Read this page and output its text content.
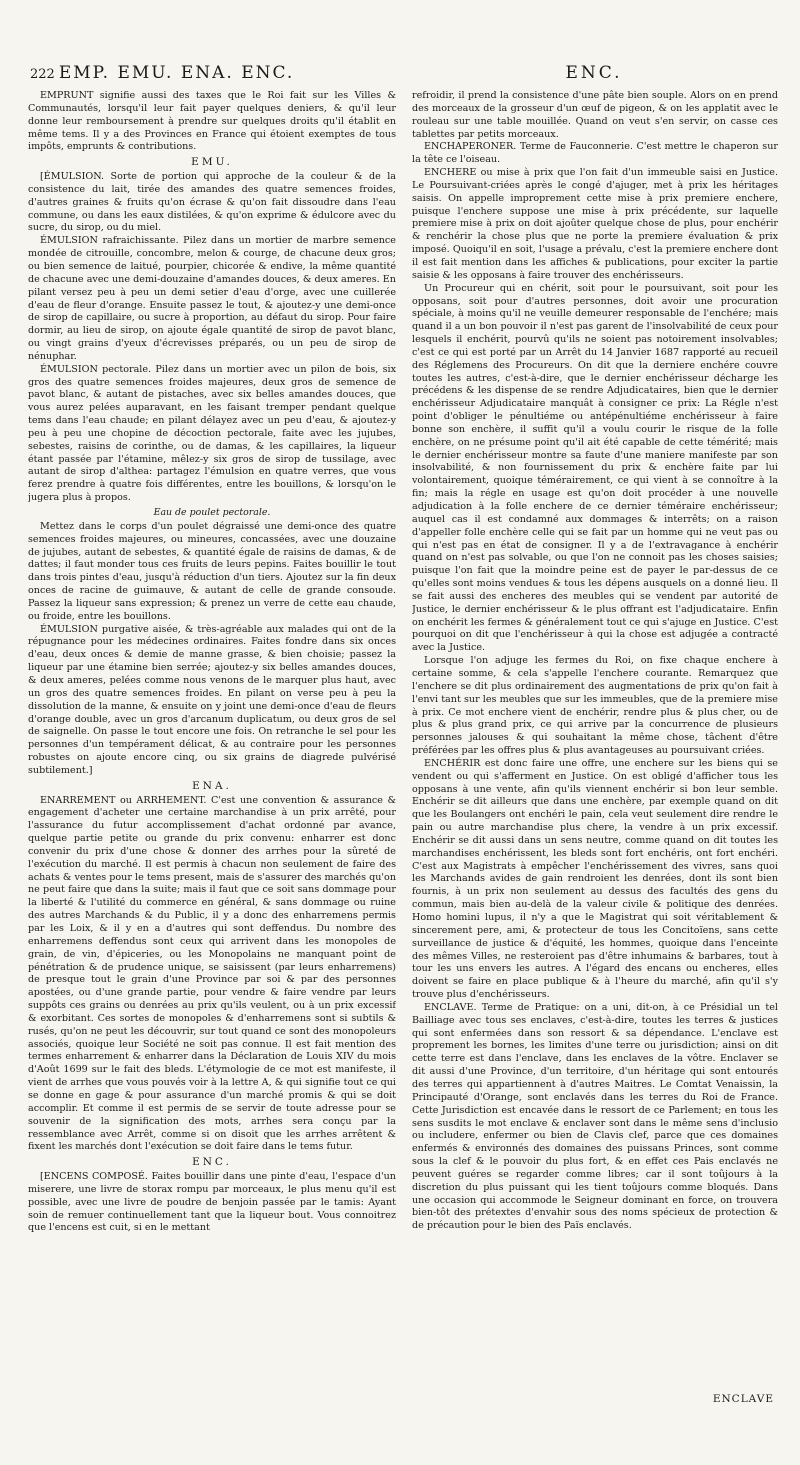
222 EMP. EMU. ENA. ENC.	ENC.

EMPRUNT signifie aussi des taxes que le Roi fait sur les Villes & Communautés, lorsqu'il leur fait payer quelques deniers, & qu'il leur donne leur remboursement à prendre sur quelques droits qu'il établit en même tems. Il y a des Provinces en France qui étoient exemptes de tous impôts, emprunts & contributions.

EMU.

[ÉMULSION. Sorte de portion qui approche de la couleur & de la consistence du lait, tirée des amandes des quatre semences froides, d'autres graines & fruits qu'on écrase & qu'on fait dissoudre dans l'eau commune, ou dans les eaux distilées, & qu'on exprime & édulcore avec du sucre, du sirop, ou du miel.

ÉMULSION rafraichissante. Pilez dans un mortier de marbre semence mondée de citrouille, concombre, melon & courge, de chacune deux gros; ou bien semence de laitué, pourpier, chicorée & endive, la même quantité de chacune avec une demi-douzaine d'amandes douces, & deux ameres. En pilant versez peu à peu un demi setier d'eau d'orge, avec une cuillerée d'eau de fleur d'orange. Ensuite passez le tout, & ajoutez-y une demi-once de sirop de capillaire, ou sucre à proportion, au défaut du sirop. Pour faire dormir, au lieu de sirop, on ajoute égale quantité de sirop de pavot blanc, ou vingt grains d'yeux d'écrevisses préparés, ou un peu de sirop de nénuphar.

ÉMULSION pectorale. Pilez dans un mortier avec un pilon de bois, six gros des quatre semences froides majeures, deux gros de semence de pavot blanc, & autant de pistaches, avec six belles amandes douces, que vous aurez pelées auparavant, en les faisant tremper pendant quelque tems dans l'eau chaude; en pilant délayez avec un peu d'eau, & ajoutez-y peu à peu une chopine de décoction pectorale, faite avec les jujubes, sebestes, raisins de corinthe, ou de damas, & les capillaires, la liqueur étant passée par l'étamine, mêlez-y six gros de sirop de tussilage, avec autant de sirop d'althea: partagez l'émulsion en quatre verres, que vous ferez prendre à quatre fois différentes, entre les bouillons, & lorsqu'on le jugera plus à propos.

Eau de poulet pectorale.

Mettez dans le corps d'un poulet dégraissé une demi-once des quatre semences froides majeures, ou mineures, concassées, avec une douzaine de jujubes, autant de sebestes, & quantité égale de raisins de damas, & de dattes; il faut monder tous ces fruits de leurs pepins. Faites bouillir le tout dans trois pintes d'eau, jusqu'à réduction d'un tiers. Ajoutez sur la fin deux onces de racine de guimauve, & autant de celle de grande consoude. Passez la liqueur sans expression; & prenez un verre de cette eau chaude, ou froide, entre les bouillons.

ÉMULSION purgative aisée, & très-agréable aux malades qui ont de la répugnance pour les médecines ordinaires. Faites fondre dans six onces d'eau, deux onces & demie de manne grasse, & bien choisie; passez la liqueur par une étamine bien serrée; ajoutez-y six belles amandes douces, & deux ameres, pelées comme nous venons de le marquer plus haut, avec un gros des quatre semences froides. En pilant on verse peu à peu la dissolution de la manne, & ensuite on y joint une demi-once d'eau de fleurs d'orange double, avec un gros d'arcanum duplicatum, ou deux gros de sel de saignelle. On passe le tout encore une fois. On retranche le sel pour les personnes d'un tempérament délicat, & au contraire pour les personnes robustes on ajoute encore cinq, ou six grains de diagrede pulvérisé subtilement.]

ENA.

ENARREMENT ou ARRHEMENT. C'est une convention & assurance & engagement d'acheter une certaine marchandise à un prix arrêté, pour l'assurance du futur accomplissement d'achat ordonné par avance, quelque partie petite ou grande du prix convenu: enharrer est donc convenir du prix d'une chose & donner des arrhes pour la sûreté de l'exécution du marché. Il est permis à chacun non seulement de faire des achats & ventes pour le tems present, mais de s'assurer des marchés qu'on ne peut faire que dans la suite; mais il faut que ce soit sans dommage pour la liberté & l'utilité du commerce en général, & sans dommage ou ruine des autres Marchands & du Public, il y a donc des enharremens permis par les Loix, & il y en a d'autres qui sont deffendus. Du nombre des enharremens deffendus sont ceux qui arrivent dans les monopoles de grain, de vin, d'épiceries, ou les Monopolains ne manquant point de pénétration & de prudence unique, se saisissent (par leurs enharremens) de presque tout le grain d'une Province par soi & par des personnes apostées, ou d'une grande partie, pour vendre & faire vendre par leurs suppôts ces grains ou denrées au prix qu'ils veulent, ou à un prix excessif & exorbitant. Ces sortes de monopoles & d'enharremens sont si subtils & rusés, qu'on ne peut les découvrir, sur tout quand ce sont des monopoleurs associés, quoique leur Société ne soit pas connue. Il est fait mention des termes enharrement & enharrer dans la Déclaration de Louis XIV du mois d'Août 1699 sur le fait des bleds. L'étymologie de ce mot est manifeste, il vient de arrhes que vous pouvés voir à la lettre A, & qui signifie tout ce qui se donne en gage & pour assurance d'un marché promis & qui se doit accomplir. Et comme il est permis de se servir de toute adresse pour se souvenir de la signification des mots, arrhes sera conçu par la ressemblance avec Arrêt, comme si on disoit que les arrhes arrêtent & fixent les marchés dont l'exécution se doit faire dans le tems futur.

ENC.

[ENCENS COMPOSÉ. Faites bouillir dans une pinte d'eau, l'espace d'un miserere, une livre de storax rompu par morceaux, le plus menu qu'il est possible, avec une livre de poudre de benjoin passée par le tamis: Ayant soin de remuer continuellement tant que la liqueur bout. Vous connoitrez que l'encens est cuit, si en le mettant

refroidir, il prend la consistence d'une pâte bien souple. Alors on en prend des morceaux de la grosseur d'un œuf de pigeon, & on les applatit avec le rouleau sur une table mouillée. Quand on veut s'en servir, on casse ces tablettes par petits morceaux.

ENCHAPERONER. Terme de Fauconnerie. C'est mettre le chaperon sur la tête ce l'oiseau.

ENCHERE ou mise à prix que l'on fait d'un immeuble saisi en Justice. Le Poursuivant-criées après le congé d'ajuger, met à prix les héritages saisis. On appelle improprement cette mise à prix premiere enchere, puisque l'enchere suppose une mise à prix précédente, sur laquelle premiere mise à prix on doit ajoûter quelque chose de plus, pour enchérir & renchérir la chose plus que ne porte la premiere évaluation & prix imposé. Quoiqu'il en soit, l'usage a prévalu, c'est la premiere enchere dont il est fait mention dans les affiches & publications, pour exciter la partie saisie & les opposans à faire trouver des enchérisseurs.

Un Procureur qui en chérit, soit pour le poursuivant, soit pour les opposans, soit pour d'autres personnes, doit avoir une procuration spéciale, à moins qu'il ne veuille demeurer responsable de l'enchére; mais quand il a un bon pouvoir il n'est pas garent de l'insolvabilité de ceux pour lesquels il enchérit, pourvû qu'ils ne soient pas notoirement insolvables; c'est ce qui est porté par un Arrêt du 14 Janvier 1687 rapporté au recueil des Réglemens des Procureurs. On dit que la derniere enchére couvre toutes les autres, c'est-à-dire, que le dernier enchérisseur décharge les précédens & les dispense de se rendre Adjudicataires, bien que le dernier enchérisseur Adjudicataire manquât à consigner ce prix: La Régle n'est point d'obliger le pénultiéme ou antépénultiéme enchérisseur à faire bonne son enchère, il suffit qu'il a voulu courir le risque de la folle enchère, on ne présume point qu'il ait été capable de cette témérité; mais le dernier enchérisseur montre sa faute d'une maniere manifeste par son insolvabilité, & non fournissement du prix & enchère faite par lui volontairement, quoique témérairement, ce qui vient à se connoître à la fin; mais la régle en usage est qu'on doit procéder à une nouvelle adjudication à la folle enchere de ce dernier téméraire enchérisseur; auquel cas il est condamné aux dommages & interrêts; on a raison d'appeller folle enchère celle qui se fait par un homme qui ne veut pas ou qui n'est pas en état de consigner. Il y a de l'extravagance à enchérir quand on n'est pas solvable, ou que l'on ne connoit pas les choses saisies; puisque l'on fait que la moindre peine est de payer le par-dessus de ce qu'elles sont moins vendues & tous les dépens ausquels on a donné lieu. Il se fait aussi des encheres des meubles qui se vendent par autorité de Justice, le dernier enchérisseur & le plus offrant est l'adjudicataire. Enfin on enchérit les fermes & généralement tout ce qui s'ajuge en Justice. C'est pourquoi on dit que l'enchérisseur à qui la chose est adjugée a contracté avec la Justice.

Lorsque l'on adjuge les fermes du Roi, on fixe chaque enchere à certaine somme, & cela s'appelle l'enchere courante. Remarquez que l'enchere se dit plus ordinairement des augmentations de prix qu'on fait à l'envi tant sur les meubles que sur les immeubles, que de la premiere mise à prix. Ce mot enchere vient de enchérir, rendre plus & plus cher, ou de plus & plus grand prix, ce qui arrive par la concurrence de plusieurs personnes jalouses & qui souhaitant la même chose, tâchent d'être préférées par les offres plus & plus avantageuses au poursuivant criées.

ENCHÉRIR est donc faire une offre, une enchere sur les biens qui se vendent ou qui s'afferment en Justice. On est obligé d'afficher tous les opposans à une vente, afin qu'ils viennent enchérir si bon leur semble. Enchérir se dit ailleurs que dans une enchère, par exemple quand on dit que les Boulangers ont enchéri le pain, cela veut seulement dire rendre le pain ou autre marchandise plus chere, la vendre à un prix excessif. Enchérir se dit aussi dans un sens neutre, comme quand on dit toutes les marchandises enchérissent, les bleds sont fort enchéris, ont fort enchéri. C'est aux Magistrats à empêcher l'enchérissement des vivres, sans quoi les Marchands avides de gain rendroient les denrées, dont ils sont bien fournis, à un prix non seulement au dessus des facultés des gens du commun, mais bien au-delà de la valeur civile & politique des denrées. Homo homini lupus, il n'y a que le Magistrat qui soit véritablement & sincerement pere, ami, & protecteur de tous les Concitoïens, sans cette surveillance de justice & d'équité, les hommes, quoique dans l'enceinte des mêmes Villes, ne resteroient pas d'être inhumains & barbares, tout à tour les uns envers les autres. A l'égard des encans ou encheres, elles doivent se faire en place publique & à l'heure du marché, afin qu'il s'y trouve plus d'enchérisseurs.

ENCLAVE. Terme de Pratique: on a uni, dit-on, à ce Présidial un tel Bailliage avec tous ses enclaves, c'est-à-dire, toutes les terres & justices qui sont enfermées dans son ressort & sa dépendance. L'enclave est proprement les bornes, les limites d'une terre ou jurisdiction; ainsi on dit cette terre est dans l'enclave, dans les enclaves de la vôtre. Enclaver se dit aussi d'une Province, d'un territoire, d'un héritage qui sont entourés des terres qui appartiennent à d'autres Maitres. Le Comtat Venaissin, la Principauté d'Orange, sont enclavés dans les terres du Roi de France. Cette Jurisdiction est encavée dans le ressort de ce Parlement; en tous les sens susdits le mot enclave & enclaver sont dans le même sens d'inclusio ou includere, enfermer ou bien de Clavis clef, parce que ces domaines enfermés & environnés des domaines des puissans Princes, sont comme sous la clef & le pouvoir du plus fort, & en effet ces Pais enclavés ne peuvent guéres se regarder comme libres; car il sont toûjours à la discretion du plus puissant qui les tient toûjours comme bloqués. Dans une occasion qui accommode le Seigneur dominant en force, on trouvera bien-tôt des prétextes d'envahir sous des noms spécieux de protection & de précaution pour le bien des Païs enclavés.

ENCLAVE
